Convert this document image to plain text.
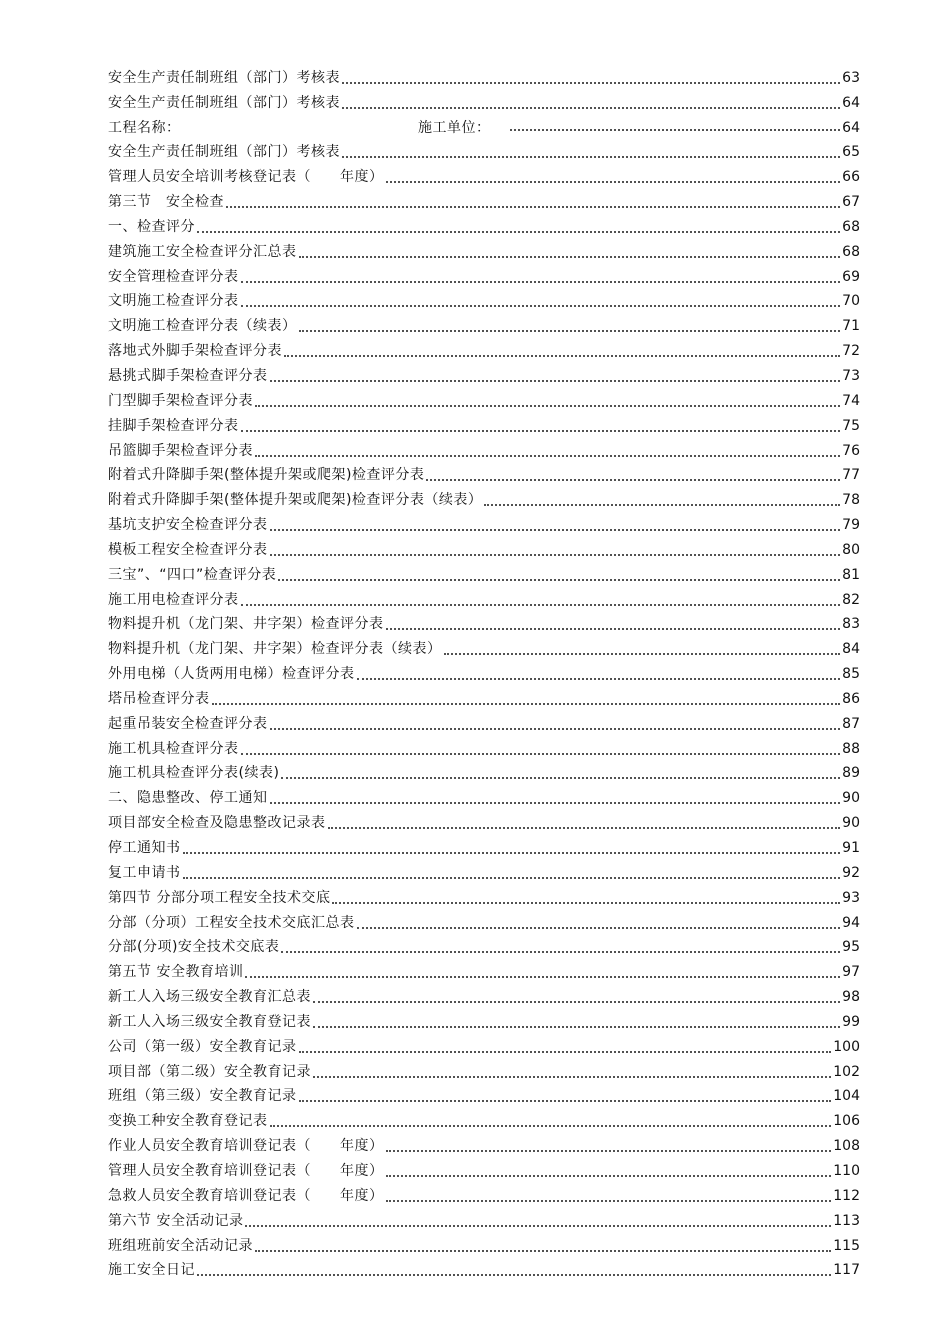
安全生产责任制班组（部门）考核表	63
安全生产责任制班组（部门）考核表	64
工程名称：	施工单位：	64
安全生产责任制班组（部门）考核表	65
管理人员安全培训考核登记表（　　年度）	66
第三节　安全检查	67
一、检查评分	68
建筑施工安全检查评分汇总表	68
安全管理检查评分表	69
文明施工检查评分表	70
文明施工检查评分表（续表）	71
落地式外脚手架检查评分表	72
悬挑式脚手架检查评分表	73
门型脚手架检查评分表	74
挂脚手架检查评分表	75
吊篮脚手架检查评分表	76
附着式升降脚手架(整体提升架或爬架)检查评分表	77
附着式升降脚手架(整体提升架或爬架)检查评分表（续表）	78
基坑支护安全检查评分表	79
模板工程安全检查评分表	80
三宝”、“四口”检查评分表	81
施工用电检查评分表	82
物料提升机（龙门架、井字架）检查评分表	83
物料提升机（龙门架、井字架）检查评分表（续表）	84
外用电梯（人货两用电梯）检查评分表	85
塔吊检查评分表	86
起重吊装安全检查评分表	87
施工机具检查评分表	88
施工机具检查评分表(续表)	89
二、隐患整改、停工通知	90
项目部安全检查及隐患整改记录表	90
停工通知书	91
复工申请书	92
第四节 分部分项工程安全技术交底	93
分部（分项）工程安全技术交底汇总表	94
分部(分项)安全技术交底表	95
第五节 安全教育培训	97
新工人入场三级安全教育汇总表	98
新工人入场三级安全教育登记表	99
公司（第一级）安全教育记录	100
项目部（第二级）安全教育记录	102
班组（第三级）安全教育记录	104
变换工种安全教育登记表	106
作业人员安全教育培训登记表（　　年度）	108
管理人员安全教育培训登记表（　　年度）	110
急救人员安全教育培训登记表（　　年度）	112
第六节 安全活动记录	113
班组班前安全活动记录	115
施工安全日记	117
